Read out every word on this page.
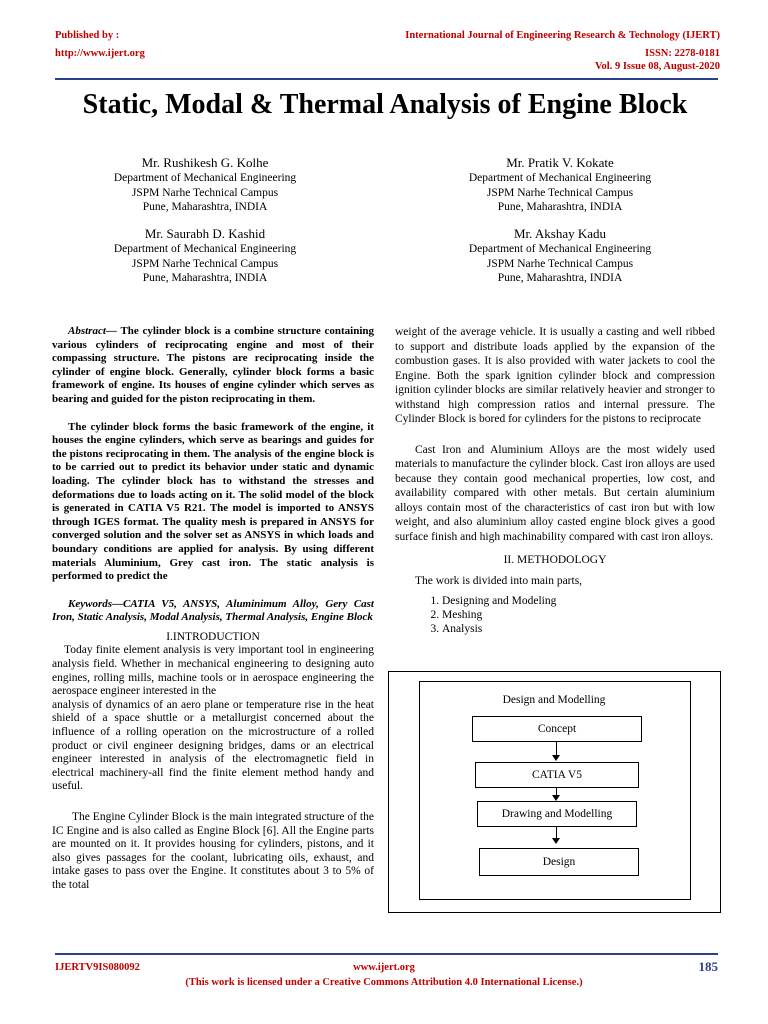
Published by :
http://www.ijert.org
International Journal of Engineering Research & Technology (IJERT)
ISSN: 2278-0181
Vol. 9 Issue 08, August-2020
Static, Modal & Thermal Analysis of Engine Block
Mr. Rushikesh G. Kolhe
Department of Mechanical Engineering
JSPM Narhe Technical Campus
Pune, Maharashtra, INDIA
Mr. Pratik V. Kokate
Department of Mechanical Engineering
JSPM Narhe Technical Campus
Pune, Maharashtra, INDIA
Mr. Saurabh D. Kashid
Department of Mechanical Engineering
JSPM Narhe Technical Campus
Pune, Maharashtra, INDIA
Mr. Akshay Kadu
Department of Mechanical Engineering
JSPM Narhe Technical Campus
Pune, Maharashtra, INDIA
Abstract— The cylinder block is a combine structure containing various cylinders of reciprocating engine and most of their compassing structure. The pistons are reciprocating inside the cylinder of engine block. Generally, cylinder block forms a basic framework of engine. Its houses of engine cylinder which serves as bearing and guided for the piston reciprocating in them.
The cylinder block forms the basic framework of the engine, it houses the engine cylinders, which serve as bearings and guides for the pistons reciprocating in them. The analysis of the engine block is to be carried out to predict its behavior under static and dynamic loading. The cylinder block has to withstand the stresses and deformations due to loads acting on it. The solid model of the block is generated in CATIA V5 R21. The model is imported to ANSYS through IGES format. The quality mesh is prepared in ANSYS for converged solution and the solver set as ANSYS in which loads and boundary conditions are applied for analysis. By using different materials Aluminium, Grey cast iron. The static analysis is performed to predict the
Keywords—CATIA V5, ANSYS, Aluminimum Alloy, Gery Cast Iron, Static Analysis, Modal Analysis, Thermal Analysis, Engine Block
I.INTRODUCTION
Today finite element analysis is very important tool in engineering analysis field. Whether in mechanical engineering to designing auto engines, rolling mills, machine tools or in aerospace engineering the aerospace engineer interested in the
analysis of dynamics of an aero plane or temperature rise in the heat shield of a space shuttle or a metallurgist concerned about the influence of a rolling operation on the microstructure of a rolled product or civil engineer designing bridges, dams or an electrical engineer interested in analysis of the electromagnetic field in electrical machinery-all find the finite element method handy and useful.
The Engine Cylinder Block is the main integrated structure of the IC Engine and is also called as Engine Block [6]. All the Engine parts are mounted on it. It provides housing for cylinders, pistons, and it also gives passages for the coolant, lubricating oils, exhaust, and intake gases to pass over the Engine. It constitutes about 3 to 5% of the total
weight of the average vehicle. It is usually a casting and well ribbed to support and distribute loads applied by the expansion of the combustion gases. It is also provided with water jackets to cool the Engine. Both the spark ignition cylinder block and compression ignition cylinder blocks are similar relatively heavier and stronger to withstand high compression ratios and internal pressure. The Cylinder Block is bored for cylinders for the pistons to reciprocate
Cast Iron and Aluminium Alloys are the most widely used materials to manufacture the cylinder block. Cast iron alloys are used because they contain good mechanical properties, low cost, and availability compared with other metals. But certain aluminium alloys contain most of the characteristics of cast iron but with low weight, and also aluminium alloy casted engine block gives a good surface finish and high machinability compared with cast iron alloys.
II. METHODOLOGY
The work is divided into main parts,
1. Designing and Modeling
2. Meshing
3. Analysis
Design and Modelling
Concept
CATIA V5
Drawing and Modelling
Design
IJERTV9IS080092	www.ijert.org	185
(This work is licensed under a Creative Commons Attribution 4.0 International License.)
